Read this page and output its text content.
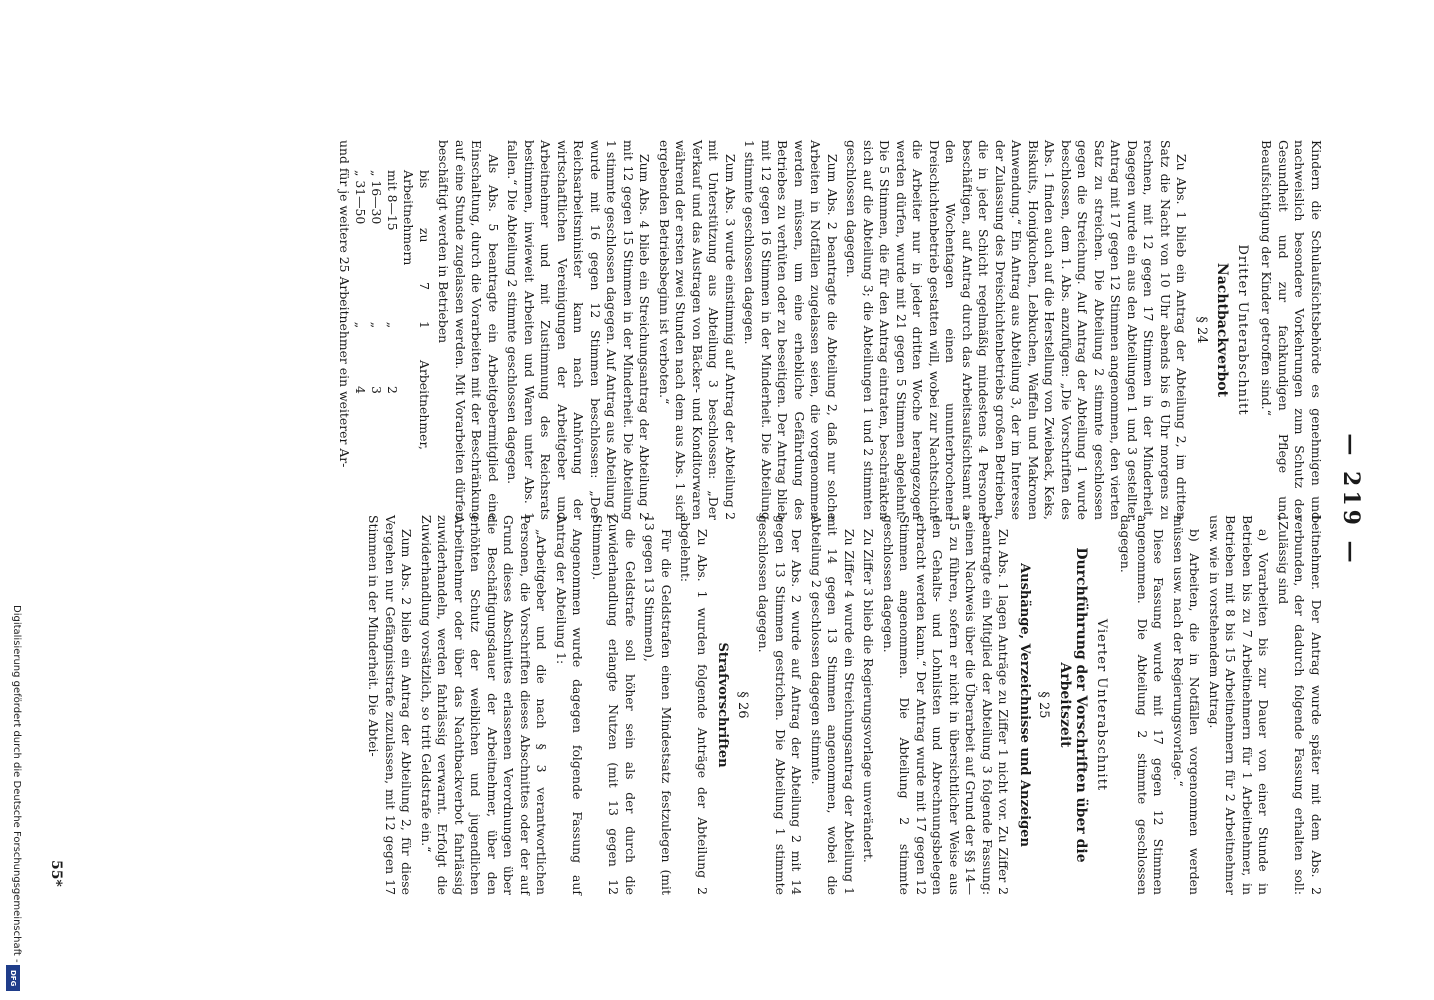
— 219 —

Kindern die Schulaufsichtsbehörde es genehmigen und nachweislich besondere Vorkehrungen zum Schutz der Gesundheit und zur fachkundigen Pflege und Beaufsichtigung der Kinder getroffen sind.“

Dritter Unterabschnitt
Nachtbackverbot
§ 24

Zu Abs. 1 blieb ein Antrag der Abteilung 2, im dritten Satz die Nacht von 10 Uhr abends bis 6 Uhr morgens zu rechnen, mit 12 gegen 17 Stimmen in der Minderheit. Dagegen wurde ein aus den Abteilungen 1 und 3 gestellter Antrag mit 17 gegen 12 Stimmen angenommen, den vierten Satz zu streichen. Die Abteilung 2 stimmte geschlossen gegen die Streichung. Auf Antrag der Abteilung 1 wurde beschlossen, dem 1. Abs. anzufügen: „Die Vorschriften des Abs. 1 finden auch auf die Herstellung von Zwieback, Keks, Biskuits, Honigkuchen, Lebkuchen, Waffeln und Makronen Anwendung.“ Ein Antrag aus Abteilung 3, der im Interesse der Zulassung des Dreischichtenbetriebs großen Betrieben, die in jeder Schicht regelmäßig mindestens 4 Personen beschäftigen, auf Antrag durch das Arbeitsaufsichtsamt an den Wochentagen einen ununterbrochenen Dreischichtenbetrieb gestatten will, wobei zur Nachtschicht die Arbeiter nur in jeder dritten Woche herangezogen werden dürfen, wurde mit 21 gegen 5 Stimmen abgelehnt. Die 5 Stimmen, die für den Antrag eintraten, beschränkten sich auf die Abteilung 3; die Abteilungen 1 und 2 stimmten geschlossen dagegen.

Zum Abs. 2 beantragte die Abteilung 2, daß nur solche Arbeiten in Notfällen zugelassen seien, die vorgenommen werden müssen, um eine erhebliche Gefährdung des Betriebes zu verhüten oder zu beseitigen. Der Antrag blieb mit 12 gegen 16 Stimmen in der Minderheit. Die Abteilung 1 stimmte geschlossen dagegen.

Zum Abs. 3 wurde einstimmig auf Antrag der Abteilung 2 mit Unterstützung aus Abteilung 3 beschlossen: „Der Verkauf und das Austragen von Bäcker- und Konditorwaren während der ersten zwei Stunden nach dem aus Abs. 1 sich ergebenden Betriebsbeginn ist verboten.“

Zum Abs. 4 blieb ein Streichungsantrag der Abteilung 2 mit 12 gegen 15 Stimmen in der Minderheit. Die Abteilung 1 stimmte geschlossen dagegen. Auf Antrag aus Abteilung 1 wurde mit 16 gegen 12 Stimmen beschlossen: „Der Reichsarbeitsminister kann nach Anhörung der wirtschaftlichen Vereinigungen der Arbeitgeber und Arbeitnehmer und mit Zustimmung des Reichsrats bestimmen, inwieweit Arbeiten und Waren unter Abs. 1 fallen.“ Die Abteilung 2 stimmte geschlossen dagegen.

Als Abs. 5 beantragte ein Arbeitgebermitglied eine Einschaltung, durch die Vorarbeiten mit der Beschränkung auf eine Stunde zugelassen werden. Mit Vorarbeiten dürfen beschäftigt werden in Betrieben

bis zu 7 Arbeitnehmern
1
Arbeitnehmer,
mit 8—15
„
2
„ 16—30
„
3
„ 31—50
„
4

und für je weitere 25 Arbeitnehmer ein weiterer Ar-

beitnehmer. Der Antrag wurde später mit dem Abs. 2 verbunden, der dadurch folgende Fassung erhalten soll: „Zulässig sind

a) Vorarbeiten bis zur Dauer von einer Stunde in Betrieben bis zu 7 Arbeitnehmern für 1 Arbeitnehmer, in Betrieben mit 8 bis 15 Arbeitnehmern für 2 Arbeitnehmer usw. wie in vorstehendem Antrag.

b) Arbeiten, die in Notfällen vorgenommen werden müssen usw. nach der Regierungsvorlage.“

Diese Fassung wurde mit 17 gegen 12 Stimmen angenommen. Die Abteilung 2 stimmte geschlossen dagegen.

Vierter Unterabschnitt
Durchführung der Vorschriften über die Arbeitszeit
§ 25
Aushänge, Verzeichnisse und Anzeigen

Zu Abs. 1 lagen Anträge zu Ziffer 1 nicht vor. Zu Ziffer 2 beantragte ein Mitglied der Abteilung 3 folgende Fassung: „einen Nachweis über die Überarbeit auf Grund der §§ 14—15 zu führen, sofern er nicht in übersichtlicher Weise aus den Gehalts- und Lohnlisten und Abrechnungsbelegen erbracht werden kann.“ Der Antrag wurde mit 17 gegen 12 Stimmen angenommen. Die Abteilung 2 stimmte geschlossen dagegen.

Zu Ziffer 3 blieb die Regierungsvorlage unverändert.

Zu Ziffer 4 wurde ein Streichungsantrag der Abteilung 1 mit 14 gegen 13 Stimmen angenommen, wobei die Abteilung 2 geschlossen dagegen stimmte.

Der Abs. 2 wurde auf Antrag der Abteilung 2 mit 14 gegen 13 Stimmen gestrichen. Die Abteilung 1 stimmte geschlossen dagegen.

§ 26
Strafvorschriften

Zu Abs. 1 wurden folgende Anträge der Abteilung 2 abgelehnt:

Für die Geldstrafen einen Mindestsatz festzulegen (mit 13 gegen 13 Stimmen),

die Geldstrafe soll höher sein als der durch die Zuwiderhandlung erlangte Nutzen (mit 13 gegen 12 Stimmen).

Angenommen wurde dagegen folgende Fassung auf Antrag der Abteilung 1:

„Arbeitgeber und die nach § 3 verantwortlichen Personen, die Vorschriften dieses Abschnittes oder der auf Grund dieses Abschnittes erlassenen Verordnungen über die Beschäftigungsdauer der Arbeitnehmer, über den erhöhten Schutz der weiblichen und jugendlichen Arbeitnehmer oder über das Nachtbackverbot fahrlässig zuwiderhandeln, werden fahrlässig verwarnt. Erfolgt die Zuwiderhandlung vorsätzlich, so tritt Geldstrafe ein.“

Zum Abs. 2 blieb ein Antrag der Abteilung 2, für diese Vergehen nur Gefängnisstrafe zuzulassen, mit 12 gegen 17 Stimmen in der Minderheit. Die Abtei-

55*
Digitalisierung gefördert durch die Deutsche Forschungsgemeinschaft -
DFG
